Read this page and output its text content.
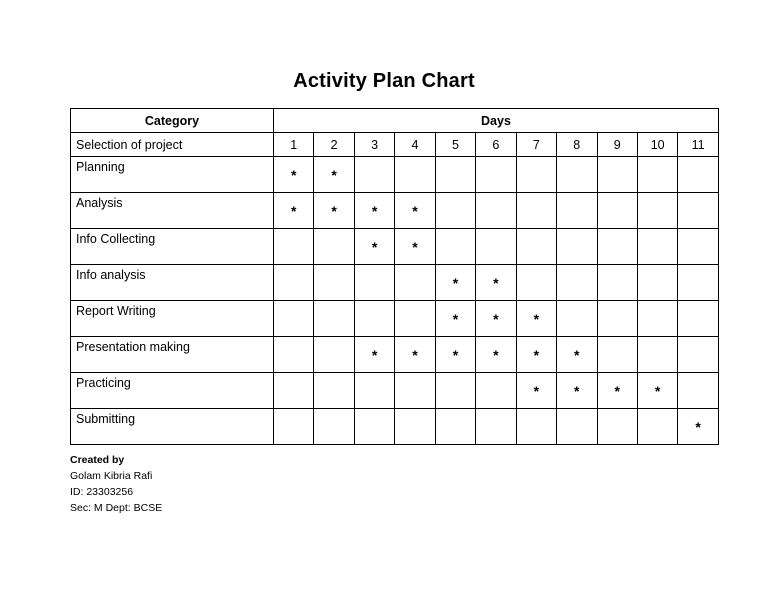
Activity Plan Chart
Category	Days										
Selection of project	1	2	3	4	5	6	7	8	9	10	11
Planning	*	*									
Analysis	*	*	*	*							
Info Collecting			*	*							
Info analysis					*	*					
Report Writing					*	*	*				
Presentation making			*	*	*	*	*	*			
Practicing							*	*	*	*	
Submitting											*
Created by
Golam Kibria Rafi
ID: 23303256
Sec: M Dept: BCSE
